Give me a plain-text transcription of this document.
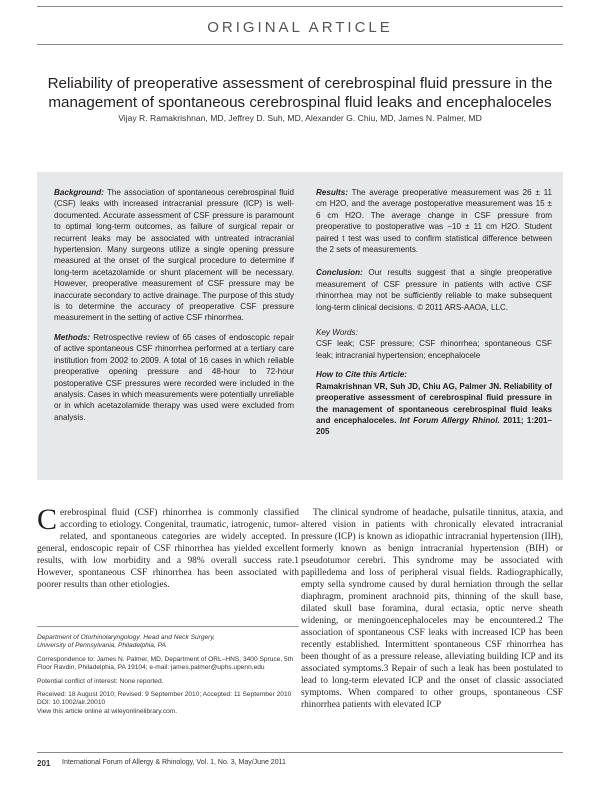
ORIGINAL ARTICLE
Reliability of preoperative assessment of cerebrospinal fluid pressure in the
management of spontaneous cerebrospinal fluid leaks and encephaloceles
Vijay R. Ramakrishnan, MD, Jeffrey D. Suh, MD, Alexander G. Chiu, MD, James N. Palmer, MD

Background: The association of spontaneous cerebrospinal fluid (CSF) leaks with increased intracranial pressure (ICP) is well-documented. Accurate assessment of CSF pressure is paramount to optimal long-term outcomes, as failure of surgical repair or recurrent leaks may be associated with untreated intracranial hypertension. Many surgeons utilize a single opening pressure measured at the onset of the surgical procedure to determine if long-term acetazolamide or shunt placement will be necessary. However, preoperative measurement of CSF pressure may be inaccurate secondary to active drainage. The purpose of this study is to determine the accuracy of preoperative CSF pressure measurement in the setting of active CSF rhinorrhea.

Methods: Retrospective review of 65 cases of endoscopic repair of active spontaneous CSF rhinorrhea performed at a tertiary care institution from 2002 to 2009. A total of 16 cases in which reliable preoperative opening pressure and 48-hour to 72-hour postoperative CSF pressures were recorded were included in the analysis. Cases in which measurements were potentially unreliable or in which acetazolamide therapy was used were excluded from analysis.

Results: The average preoperative measurement was 26 ± 11 cm H2O, and the average postoperative measurement was 15 ± 6 cm H2O. The average change in CSF pressure from preoperative to postoperative was −10 ± 11 cm H2O. Student paired t test was used to confirm statistical difference between the 2 sets of measurements.

Conclusion: Our results suggest that a single preoperative measurement of CSF pressure in patients with active CSF rhinorrhea may not be sufficiently reliable to make subsequent long-term clinical decisions. © 2011 ARS-AAOA, LLC.

Key Words:
CSF leak; CSF pressure; CSF rhinorrhea; spontaneous CSF leak; intracranial hypertension; encephalocele

How to Cite this Article:
Ramakrishnan VR, Suh JD, Chiu AG, Palmer JN. Reliability of preoperative assessment of cerebrospinal fluid pressure in the management of spontaneous cerebrospinal fluid leaks and encephaloceles. Int Forum Allergy Rhinol. 2011; 1:201–205

Cerebrospinal fluid (CSF) rhinorrhea is commonly classified according to etiology. Congenital, traumatic, iatrogenic, tumor-related, and spontaneous categories are widely accepted. In general, endoscopic repair of CSF rhinorrhea has yielded excellent results, with low morbidity and a 98% overall success rate.1 However, spontaneous CSF rhinorrhea has been associated with poorer results than other etiologies.

Department of Otorhinolaryngology: Head and Neck Surgery,
University of Pennsylvania, Philadelphia, PA

Correspondence to: James N. Palmer, MD, Department of ORL–HNS, 3400 Spruce, 5th Floor Ravdin, Philadelphia, PA 19104; e-mail: james.palmer@uphs.upenn.edu

Potential conflict of interest: None reported.

Received: 18 August 2010; Revised: 9 September 2010; Accepted: 11 September 2010
DOI: 10.1002/alr.20010
View this article online at wileyonlinelibrary.com.

The clinical syndrome of headache, pulsatile tinnitus, ataxia, and altered vision in patients with chronically elevated intracranial pressure (ICP) is known as idiopathic intracranial hypertension (IIH), formerly known as benign intracranial hypertension (BIH) or pseudotumor cerebri. This syndrome may be associated with papilledema and loss of peripheral visual fields. Radiographically, empty sella syndrome caused by dural herniation through the sellar diaphragm, prominent arachnoid pits, thinning of the skull base, dilated skull base foramina, dural ectasia, optic nerve sheath widening, or meningoencephaloceles may be encountered.2 The association of spontaneous CSF leaks with increased ICP has been recently established. Intermittent spontaneous CSF rhinorrhea has been thought of as a pressure release, alleviating building ICP and its associated symptoms.3 Repair of such a leak has been postulated to lead to long-term elevated ICP and the onset of classic associated symptoms. When compared to other groups, spontaneous CSF rhinorrhea patients with elevated ICP

201 International Forum of Allergy & Rhinology, Vol. 1, No. 3, May/June 2011
